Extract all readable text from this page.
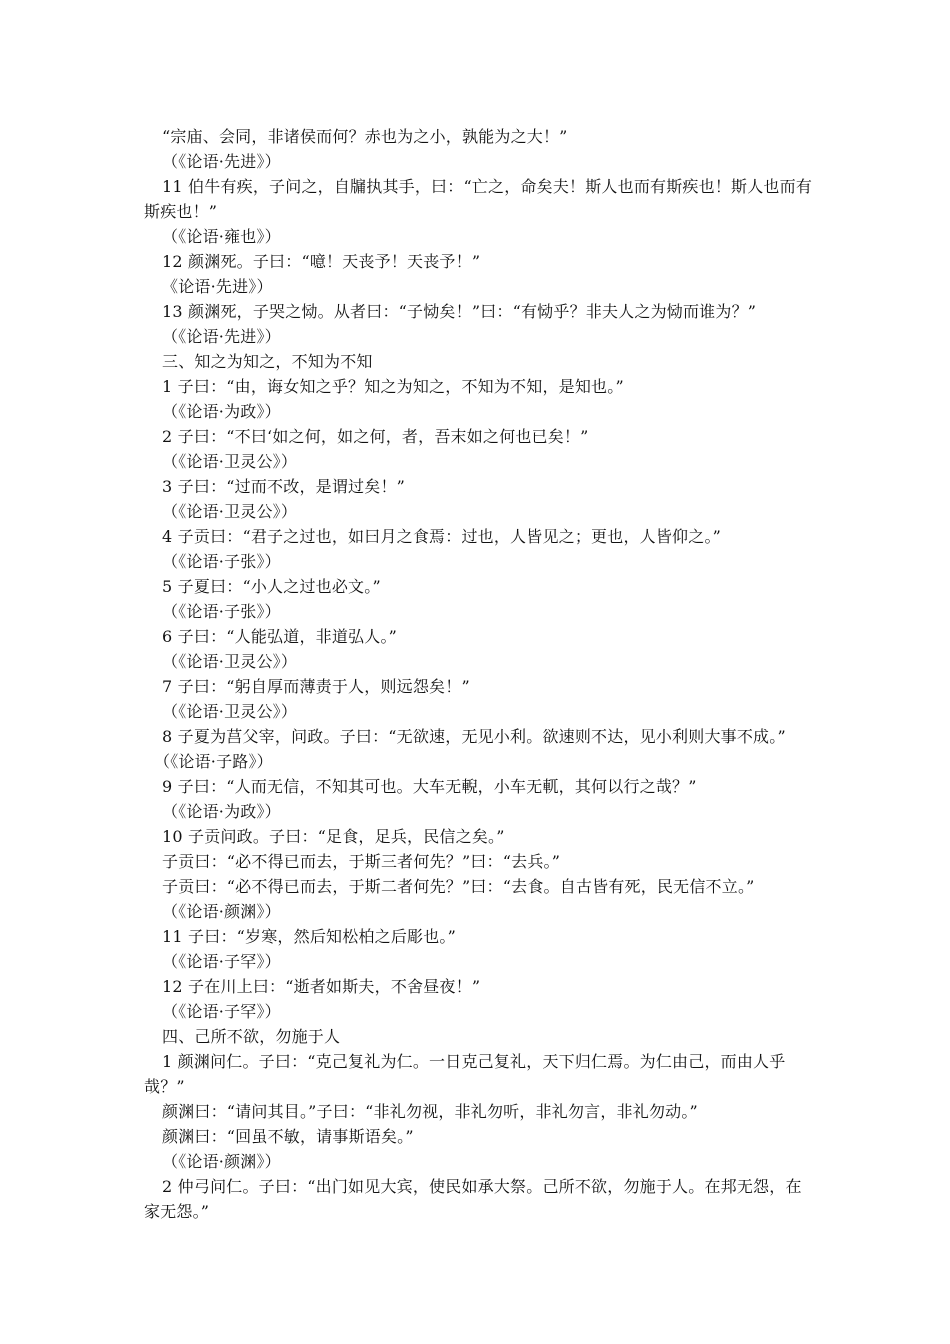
“宗庙、会同，非诸侯而何？赤也为之小，孰能为之大！”
（《论语·先进》）
11 伯牛有疾，子问之，自牖执其手，曰：“亡之，命矣夫！斯人也而有斯疾也！斯人也而有
斯疾也！”
（《论语·雍也》）
12 颜渊死。子曰：“噫！天丧予！天丧予！”
《论语·先进》）
13 颜渊死，子哭之恸。从者曰：“子恸矣！”曰：“有恸乎？非夫人之为恸而谁为？”
（《论语·先进》）
三、知之为知之，不知为不知
1 子曰：“由，诲女知之乎？知之为知之，不知为不知，是知也。”
（《论语·为政》）
2 子曰：“不曰‘如之何，如之何，者，吾末如之何也已矣！”
（《论语·卫灵公》）
3 子曰：“过而不改，是谓过矣！”
（《论语·卫灵公》）
4 子贡曰：“君子之过也，如曰月之食焉：过也，人皆见之；更也，人皆仰之。”
（《论语·子张》）
5 子夏曰：“小人之过也必文。”
（《论语·子张》）
6 子曰：“人能弘道，非道弘人。”
（《论语·卫灵公》）
7 子曰：“躬自厚而薄责于人，则远怨矣！”
（《论语·卫灵公》）
8 子夏为莒父宰，问政。子曰：“无欲速，无见小利。欲速则不达，见小利则大事不成。”
（《论语·子路》）
9 子曰：“人而无信，不知其可也。大车无輗，小车无軏，其何以行之哉？”
（《论语·为政》）
10 子贡问政。子曰：“足食，足兵，民信之矣。”
子贡曰：“必不得已而去，于斯三者何先？”曰：“去兵。”
子贡曰：“必不得已而去，于斯二者何先？”曰：“去食。自古皆有死，民无信不立。”
（《论语·颜渊》）
11 子曰：“岁寒，然后知松柏之后彫也。”
（《论语·子罕》）
12 子在川上曰：“逝者如斯夫，不舍昼夜！”
（《论语·子罕》）
四、己所不欲，勿施于人
1 颜渊问仁。子曰：“克己复礼为仁。一日克己复礼，天下归仁焉。为仁由己，而由人乎
哉？”
颜渊曰：“请问其目。”子曰：“非礼勿视，非礼勿听，非礼勿言，非礼勿动。”
颜渊曰：“回虽不敏，请事斯语矣。”
（《论语·颜渊》）
2 仲弓问仁。子曰：“出门如见大宾，使民如承大祭。己所不欲，勿施于人。在邦无怨，在
家无怨。”
